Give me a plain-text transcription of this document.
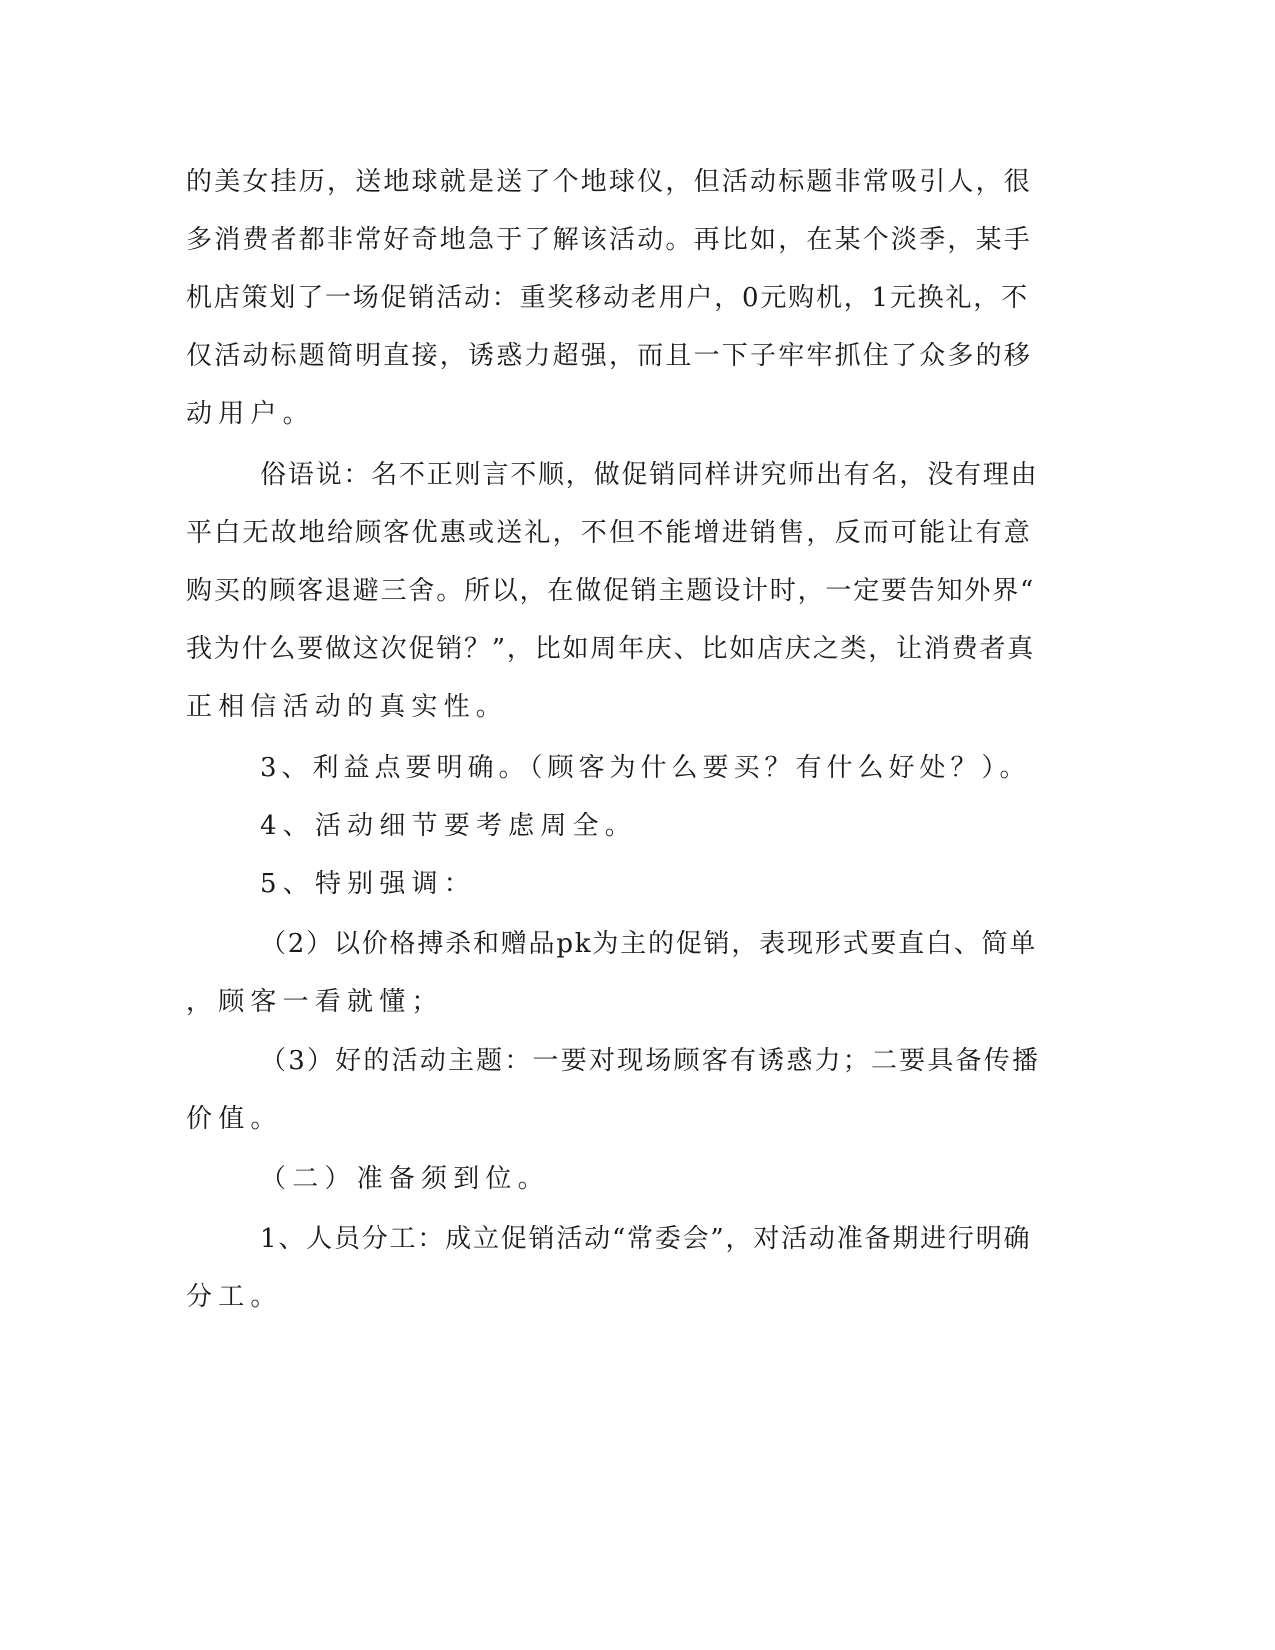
的美女挂历，送地球就是送了个地球仪，但活动标题非常吸引人，很
多消费者都非常好奇地急于了解该活动。再比如，在某个淡季，某手
机店策划了一场促销活动：重奖移动老用户，0元购机，1元换礼，不
仅活动标题简明直接，诱惑力超强，而且一下子牢牢抓住了众多的移
动用户。
俗语说：名不正则言不顺，做促销同样讲究师出有名，没有理由
平白无故地给顾客优惠或送礼，不但不能增进销售，反而可能让有意
购买的顾客退避三舍。所以，在做促销主题设计时，一定要告知外界“
我为什么要做这次促销？”，比如周年庆、比如店庆之类，让消费者真
正相信活动的真实性。
3、利益点要明确。（顾客为什么要买？有什么好处？）。
4、活动细节要考虑周全。
5、特别强调：
（2）以价格搏杀和赠品pk为主的促销，表现形式要直白、简单
，顾客一看就懂；
（3）好的活动主题：一要对现场顾客有诱惑力；二要具备传播
价值。
（二）准备须到位。
1、人员分工：成立促销活动“常委会”，对活动准备期进行明确
分工。
